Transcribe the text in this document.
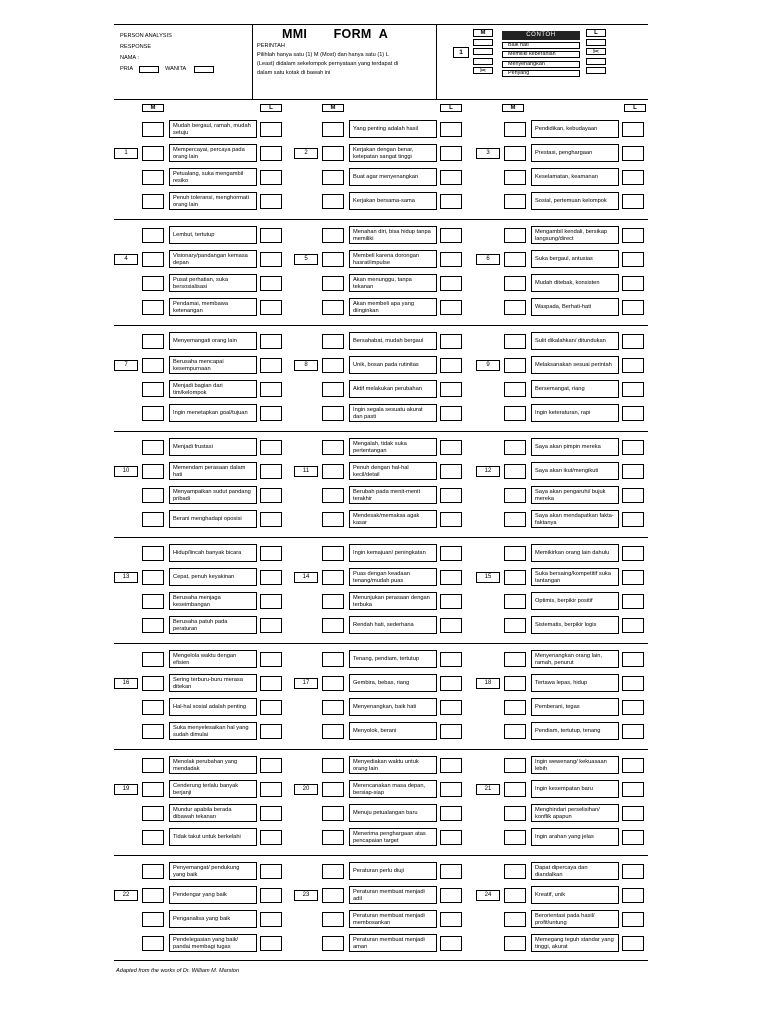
PERSON ANALYSIS
RESPONSE
NAMA :
PRIA	WANITA
MMI       FORM  A
PERINTAH
Pilihlah hanya satu (1) M (Most) dan hanya satu (1) L (Least) didalam sekelompok pernyataan yang terdapat di dalam satu kotak di bawah ini
1
M
✂
CONTOH
Baik hati
Memiliki keberanian
Menyenangkan
Penyang
L
✂
M	L	M	L	M	L
Mudah bergaul, ramah, mudah setuju
1
Mempercayai, percaya pada orang lain
Petualang, suka mengambil resiko
Penuh toleransi, menghormati orang lain
Yang penting adalah hasil
2
Kerjakan dengan benar, ketepatan sangat tinggi
Buat agar menyenangkan
Kerjakan bersama-sama
Pendidikan, kebudayaan
3	Prestasi, penghargaan
Keselamatan, keamanan
Sosial, pertemuan kelompok
Lembut, tertutup
4
Visionary/pandangan kemasa depan
Pusat perhatian, suka bersosialisasi
Pendamai, membawa ketenangan
Menahan diri, bisa hidup tanpa memiliki
5
Membeli karena dorongan hasrat/impulse
Akan menunggu, tanpa tekanan
Akan membeli apa yang diinginkan
Mengambil kendali, bersikap langsung/direct
6	Suka bergaul, antusias
Mudah ditebak, konsisten
Waspada, Berhati-hati
Menyemangati orang lain
7
Berusaha mencapai kesempurnaan
Menjadi bagian dari tim/kelompok
Ingin menetapkan goal/tujuan
Bersahabat, mudah bergaul
8	Unik, bosan pada rutinitas
Aktif melakukan perubahan
Ingin segala sesuatu akurat dan pasti
Sulit dikalahkan/ ditundukan
9	Melaksanakan sesuai perintah
Bersemangat, riang
Ingin keteraturan, rapi
Menjadi frustasi
10
Memendam perasaan dalam hati
Menyampaikan sudut pandang pribadi
Berani menghadapi oposisi
Mengalah, tidak suka pertentangan
11
Penuh dengan hal-hal kecil/detail
Berubah pada menit-menit terakhir
Mendesak/memaksa agak kasar
Saya akan pimpin mereka
12	Saya akan ikut/mengikuti
Saya akan pengaruhi/ bujuk mereka
Saya akan mendapatkan fakta-faktanya
Hidup/lincah banyak bicara
13	Cepat, penuh keyakinan
Berusaha menjaga keseimbangan
Berusaha patuh pada peraturan
Ingin kemajuan/ peningkatan
14
Puas dengan keadaan tenang/mudah puas
Menunjukan perasaan dengan terbuka
Rendah hati, sederhana
Memikirkan orang lain dahulu
15
Suka bersaing/kompetitif suka tantangan
Optimis, berpikir positif
Sistematis, berpikir logis
Mengelola waktu dengan efisien
16
Sering terburu-buru merasa ditekan
Hal-hal sosial adalah penting
Suka menyelesaikan hal yang sudah dimulai
Tenang, pendiam, tertutup
17	Gembira, bebas, riang
Menyenangkan, baik hati
Menyolok, berani
Menyenangkan orang lain, ramah, penurut
18	Tertawa lepas, hidup
Pemberani, tegas
Pendiam, tertutup, tenang
Menolak perubahan yang mendadak
19
Cenderung terlalu banyak berjanji
Mundur apabila berada dibawah tekanan
Tidak takut untuk berkelahi
Menyediakan waktu untuk orang lain
20
Merencanakan masa depan, bersiap-siap
Menuju petualangan baru
Menerima penghargaan atas pencapaian target
Ingin wewenang/ kekuasaan lebih
21	Ingin kesempatan baru
Menghindari perselisihan/ konflik apapun
Ingin arahan yang jelas
Penyemangat/ pendukung yang baik
22	Pendengar yang baik
Penganalisa yang baik
Pendelegasian yang baik/ pandai membagi tugas
Peraturan perlu diuji
23
Peraturan membuat menjadi adil
Peraturan membuat menjadi membosankan
Peraturan membuat menjadi aman
Dapat dipercaya dan diandalkan
24	Kreatif, unik
Berorientasi pada hasil/ profit/untung
Memegang teguh standar yang tinggi, akurat
Adapted from the works of Dr. William M. Marston
